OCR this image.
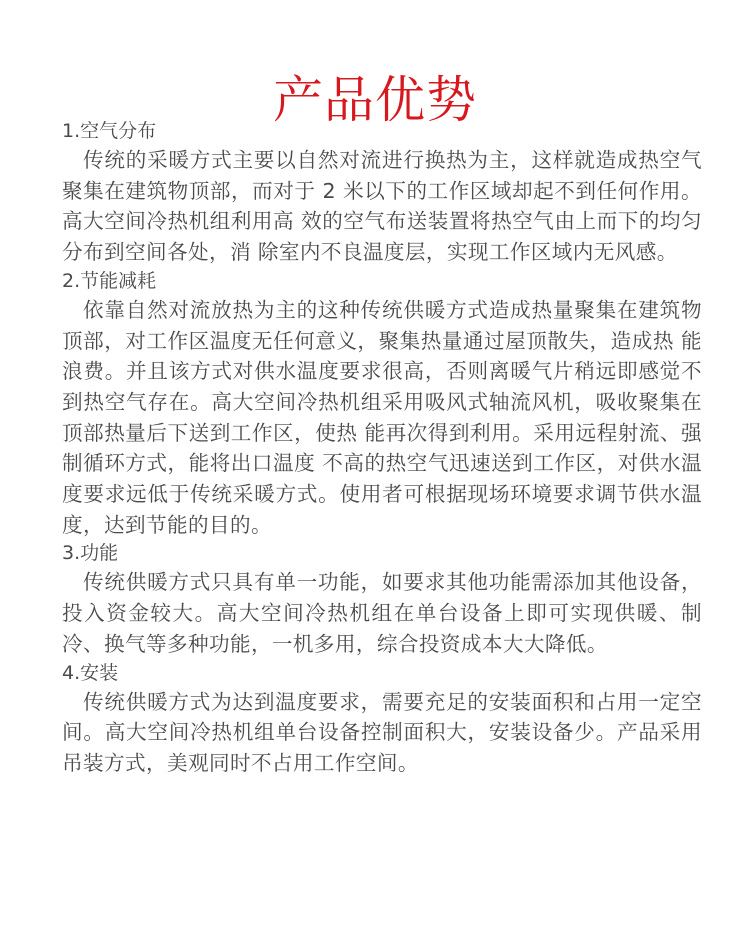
产品优势

1.空气分布

传统的采暖方式主要以自然对流进行换热为主，这样就造成热空气聚集在建筑物顶部，而对于 2 米以下的工作区域却起不到任何作用。高大空间冷热机组利用高 效的空气布送装置将热空气由上而下的均匀分布到空间各处，消 除室内不良温度层，实现工作区域内无风感。

2.节能减耗

依靠自然对流放热为主的这种传统供暖方式造成热量聚集在建筑物顶部，对工作区温度无任何意义，聚集热量通过屋顶散失，造成热 能浪费。并且该方式对供水温度要求很高，否则离暖气片稍远即感觉不到热空气存在。高大空间冷热机组采用吸风式轴流风机，吸收聚集在顶部热量后下送到工作区，使热 能再次得到利用。采用远程射流、强制循环方式，能将出口温度 不高的热空气迅速送到工作区，对供水温度要求远低于传统采暖方式。使用者可根据现场环境要求调节供水温度，达到节能的目的。

3.功能

传统供暖方式只具有单一功能，如要求其他功能需添加其他设备，投入资金较大。高大空间冷热机组在单台设备上即可实现供暖、制冷、换气等多种功能，一机多用，综合投资成本大大降低。

4.安装

传统供暖方式为达到温度要求，需要充足的安装面积和占用一定空间。高大空间冷热机组单台设备控制面积大，安装设备少。产品采用吊装方式，美观同时不占用工作空间。
